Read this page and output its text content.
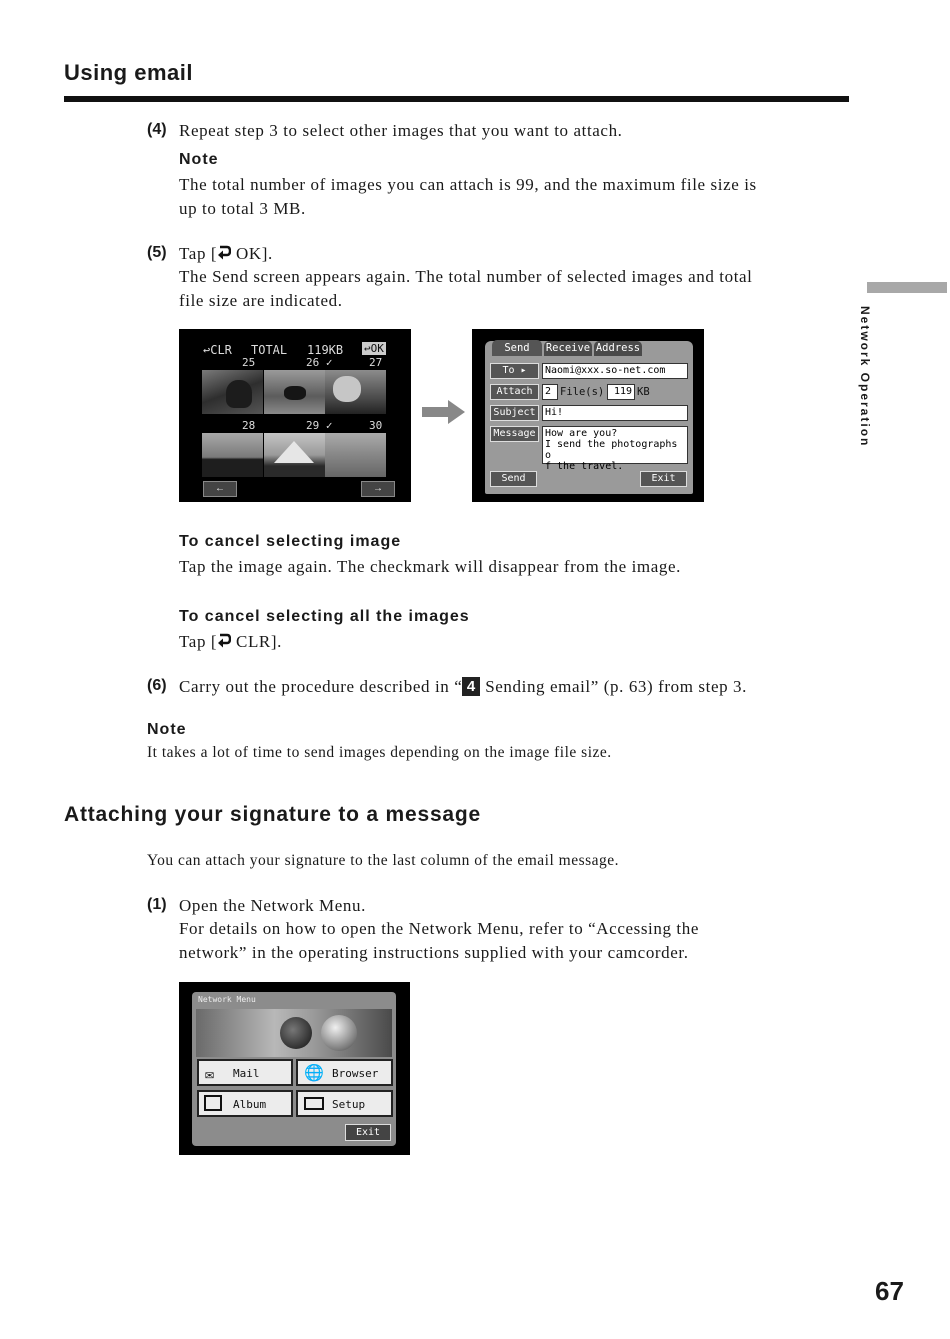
Using email
Network Operation
(4) Repeat step 3 to select other images that you want to attach.
Note
The total number of images you can attach is 99, and the maximum file size is
up to total 3 MB.
(5) Tap [ OK].
The Send screen appears again. The total number of selected images and total
file size are indicated.
↩CLR TOTAL 119KB ↩OK
25	26 ✓	27
28	29 ✓	30
←	→
Send	Receive Address
To ▸	Naomi@xxx.so-net.com
Attach	2 File(s) 119 KB
Subject Hi!
Message How are you?
I send the photographs o
f the travel.
Send	Exit
To cancel selecting image
Tap the image again. The checkmark will disappear from the image.
To cancel selecting all the images
Tap [ CLR].
(6) Carry out the procedure described in “ 4 Sending email” (p. 63) from step 3.
Note
It takes a lot of time to send images depending on the image file size.
Attaching your signature to a message
You can attach your signature to the last column of the email message.
(1) Open the Network Menu.
For details on how to open the Network Menu, refer to “Accessing the
network” in the operating instructions supplied with your camcorder.
Network Menu
✉ Mail	🌐 Browser
Album	Setup
Exit
67
